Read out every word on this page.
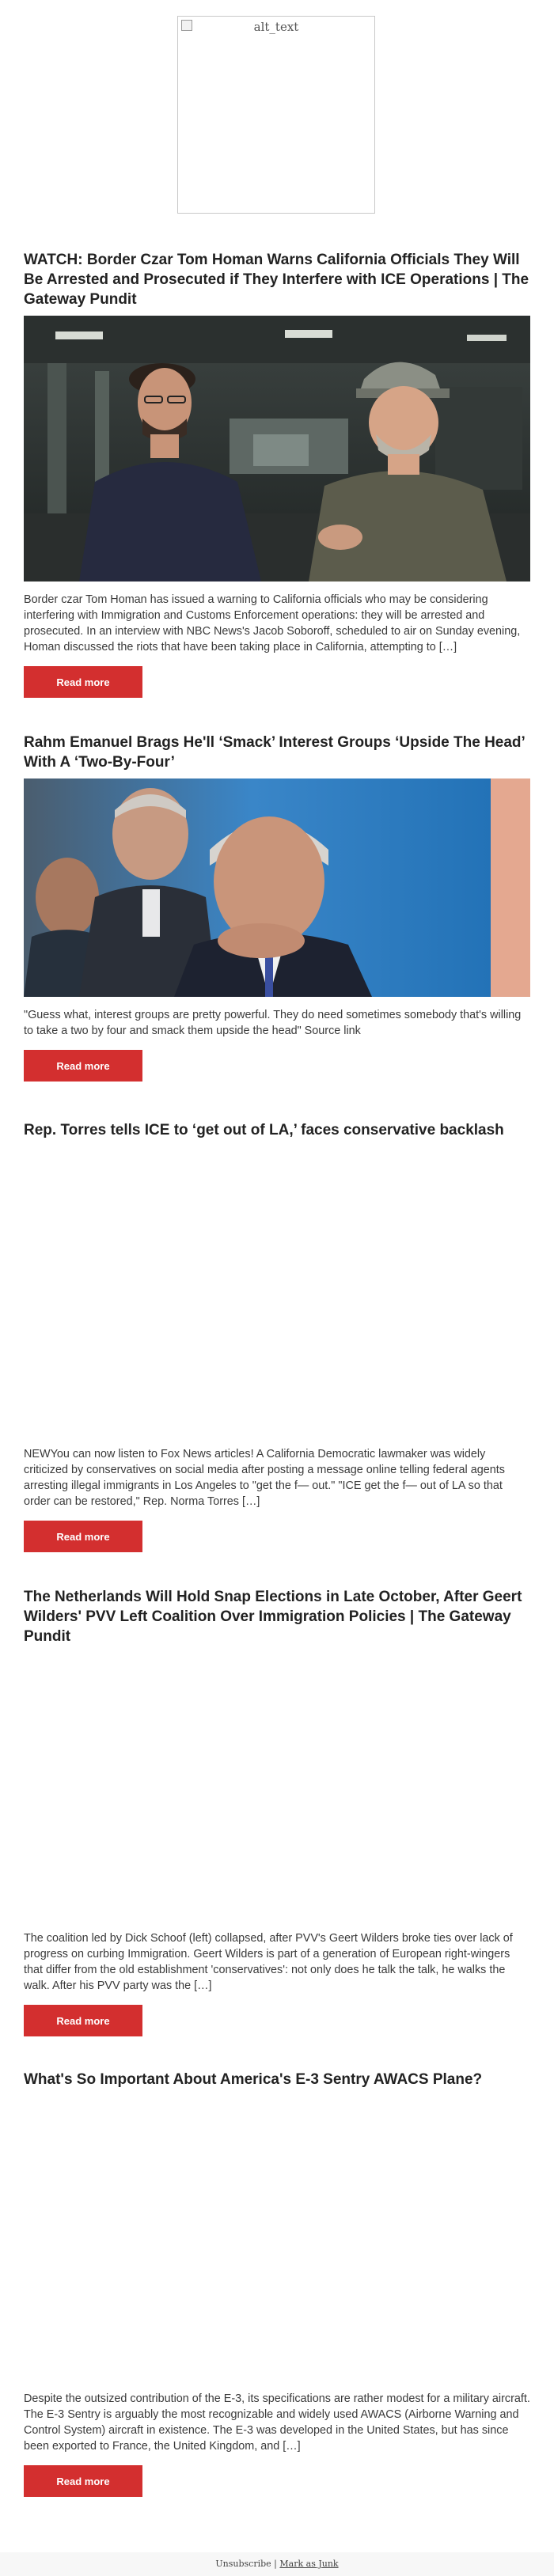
alt_text
WATCH: Border Czar Tom Homan Warns California Officials They Will Be Arrested and Prosecuted if They Interfere with ICE Operations | The Gateway Pundit
Border czar Tom Homan has issued a warning to California officials who may be considering interfering with Immigration and Customs Enforcement operations: they will be arrested and prosecuted. In an interview with NBC News's Jacob Soboroff, scheduled to air on Sunday evening, Homan discussed the riots that have been taking place in California, attempting to […]
Read more
Rahm Emanuel Brags He'll ‘Smack’ Interest Groups ‘Upside The Head’ With A ‘Two-By-Four’
"Guess what, interest groups are pretty powerful. They do need sometimes somebody that's willing to take a two by four and smack them upside the head" Source link
Read more
Rep. Torres tells ICE to ‘get out of LA,’ faces conservative backlash
NEWYou can now listen to Fox News articles! A California Democratic lawmaker was widely criticized by conservatives on social media after posting a message online telling federal agents arresting illegal immigrants in Los Angeles to "get the f— out." "ICE get the f— out of LA so that order can be restored," Rep. Norma Torres […]
Read more
The Netherlands Will Hold Snap Elections in Late October, After Geert Wilders' PVV Left Coalition Over Immigration Policies | The Gateway Pundit
The coalition led by Dick Schoof (left) collapsed, after PVV's Geert Wilders broke ties over lack of progress on curbing Immigration. Geert Wilders is part of a generation of European right-wingers that differ from the old establishment 'conservatives': not only does he talk the talk, he walks the walk. After his PVV party was the […]
Read more
What's So Important About America's E-3 Sentry AWACS Plane?
Despite the outsized contribution of the E-3, its specifications are rather modest for a military aircraft. The E-3 Sentry is arguably the most recognizable and widely used AWACS (Airborne Warning and Control System) aircraft in existence. The E-3 was developed in the United States, but has since been exported to France, the United Kingdom, and […]
Read more
Unsubscribe | Mark as Junk
